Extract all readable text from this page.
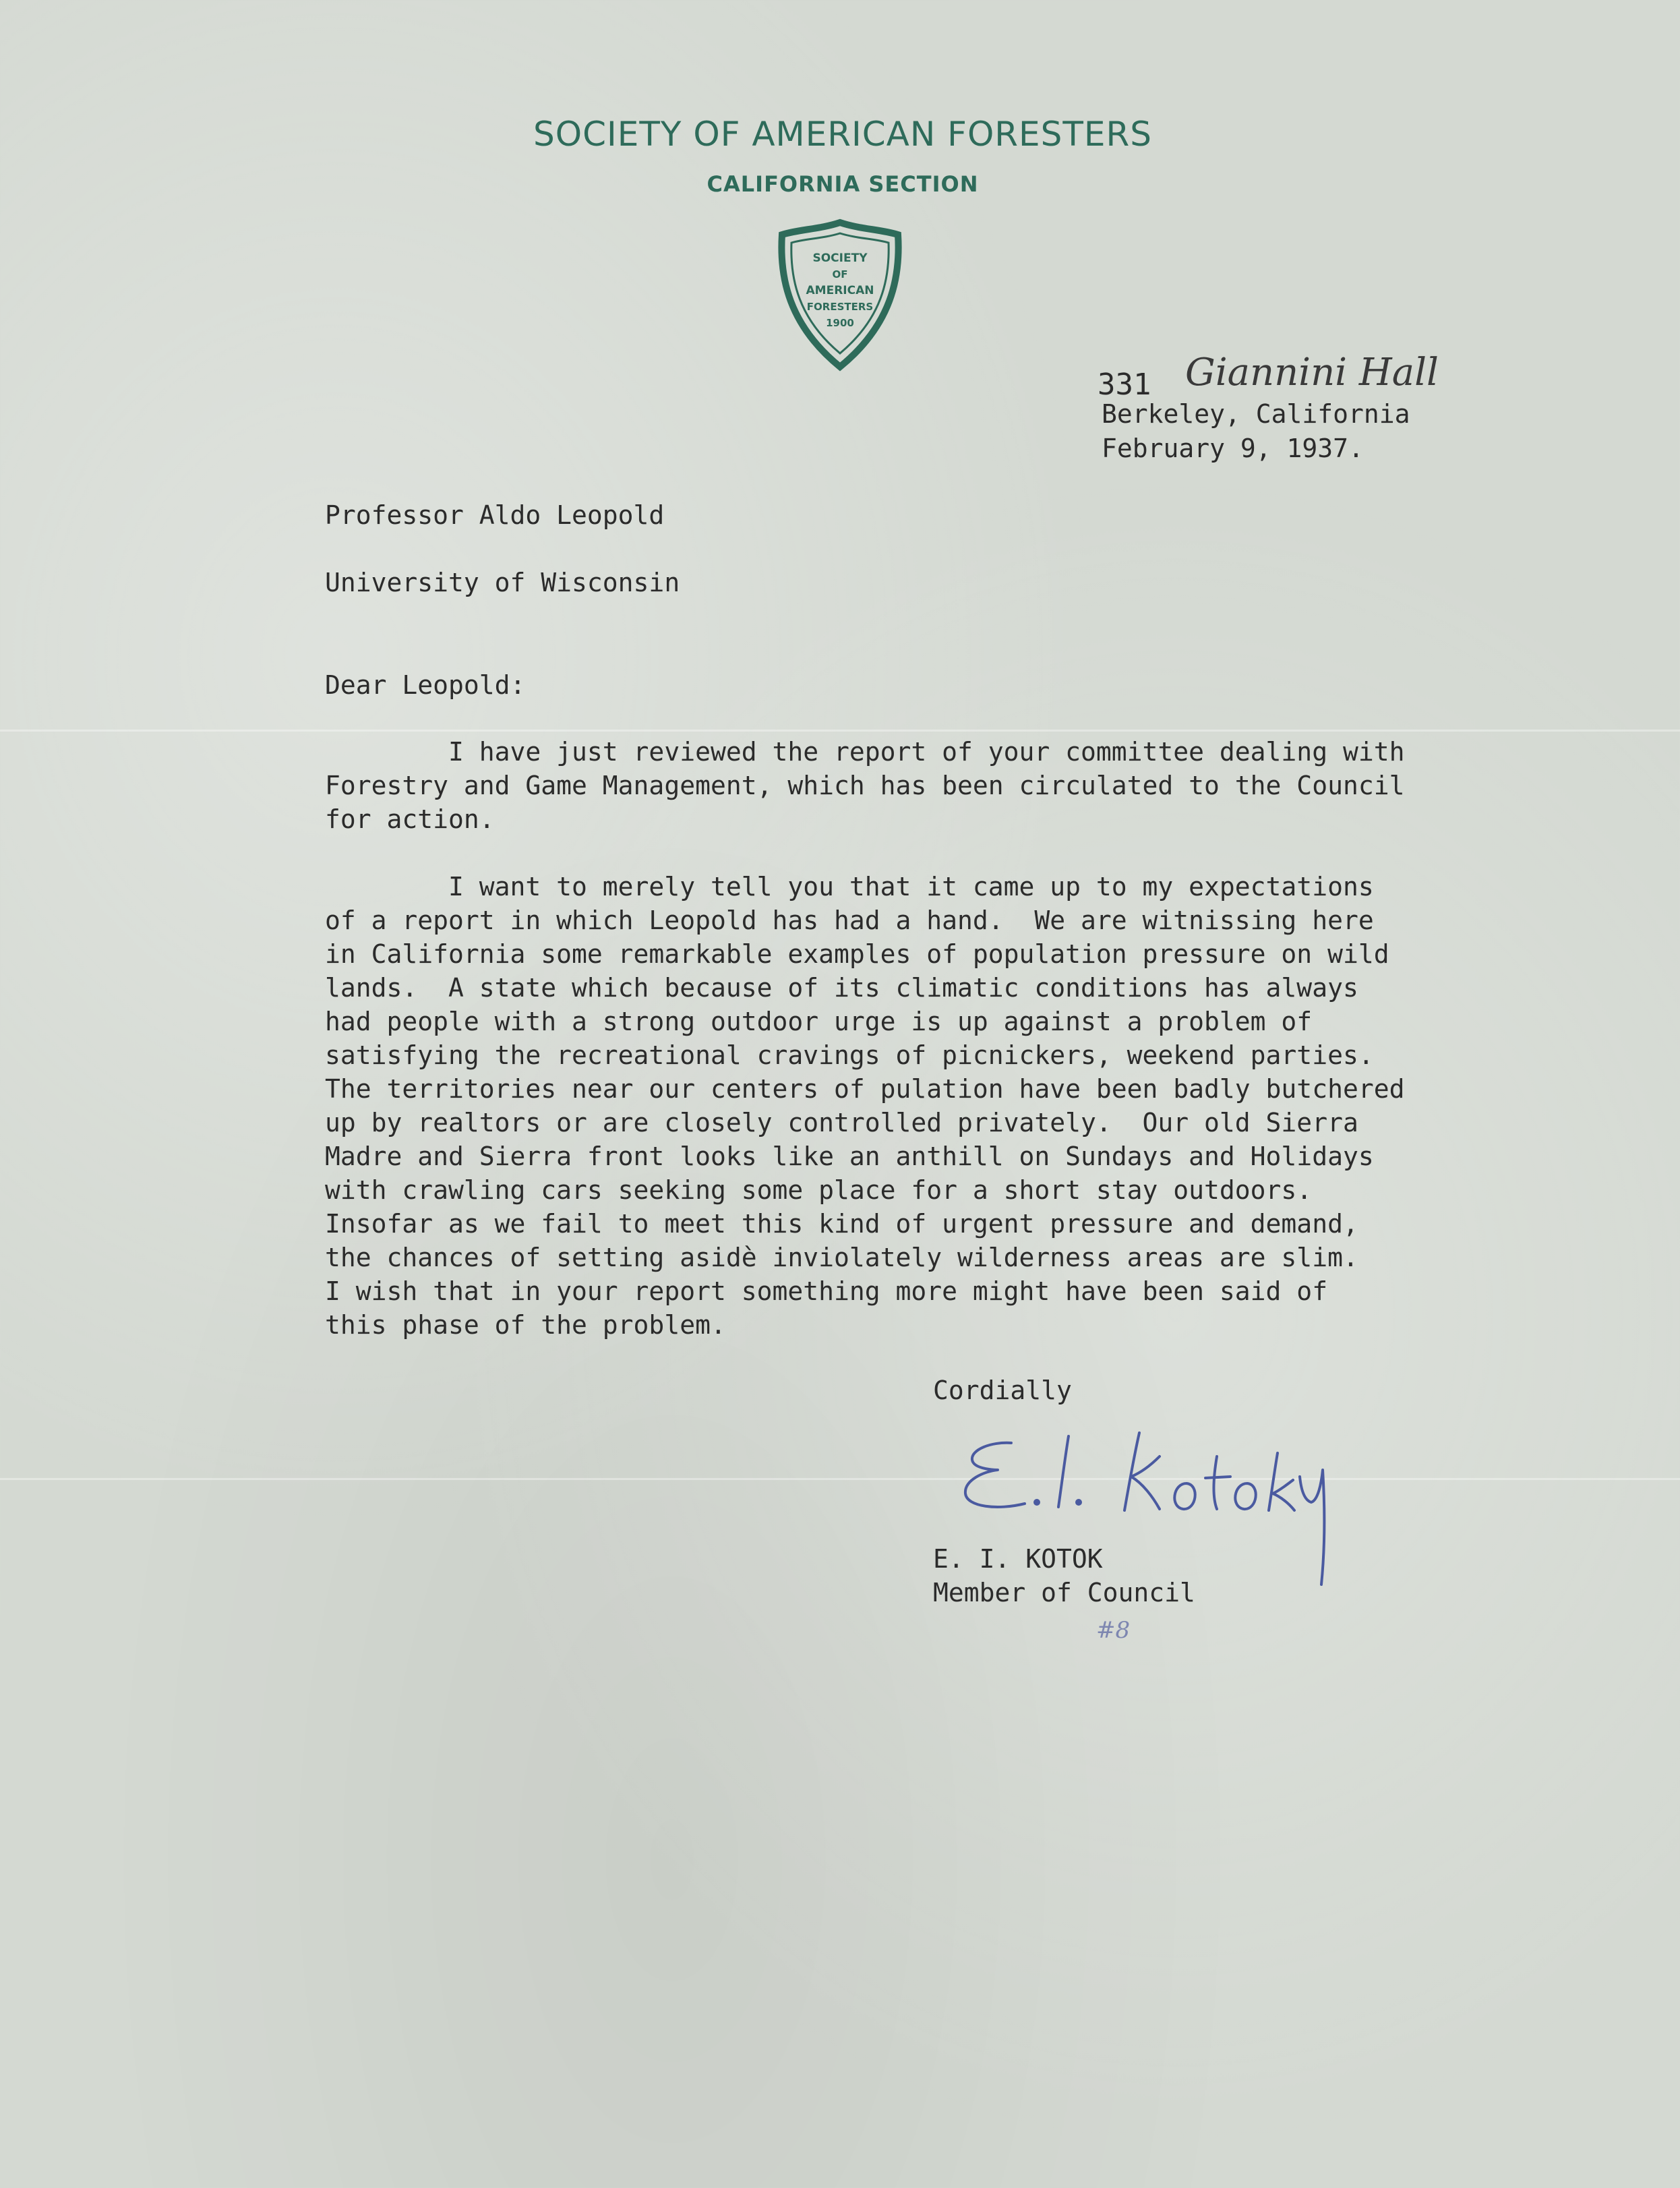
SOCIETY OF AMERICAN FORESTERS
CALIFORNIA SECTION
SOCIETY
OF
AMERICAN
FORESTERS
1900
331 Giannini Hall
Berkeley, California
February 9, 1937.
Professor Aldo Leopold
University of Wisconsin
Dear Leopold:
I have just reviewed the report of your committee dealing with
Forestry and Game Management, which has been circulated to the Council
for action.
I want to merely tell you that it came up to my expectations
of a report in which Leopold has had a hand.  We are witnissing here
in California some remarkable examples of population pressure on wild
lands.  A state which because of its climatic conditions has always
had people with a strong outdoor urge is up against a problem of
satisfying the recreational cravings of picnickers, weekend parties.
The territories near our centers of pulation have been badly butchered
up by realtors or are closely controlled privately.  Our old Sierra
Madre and Sierra front looks like an anthill on Sundays and Holidays
with crawling cars seeking some place for a short stay outdoors.
Insofar as we fail to meet this kind of urgent pressure and demand,
the chances of setting asidè inviolately wilderness areas are slim.
I wish that in your report something more might have been said of
this phase of the problem.
Cordially
E. I. KOTOK
Member of Council
#8
